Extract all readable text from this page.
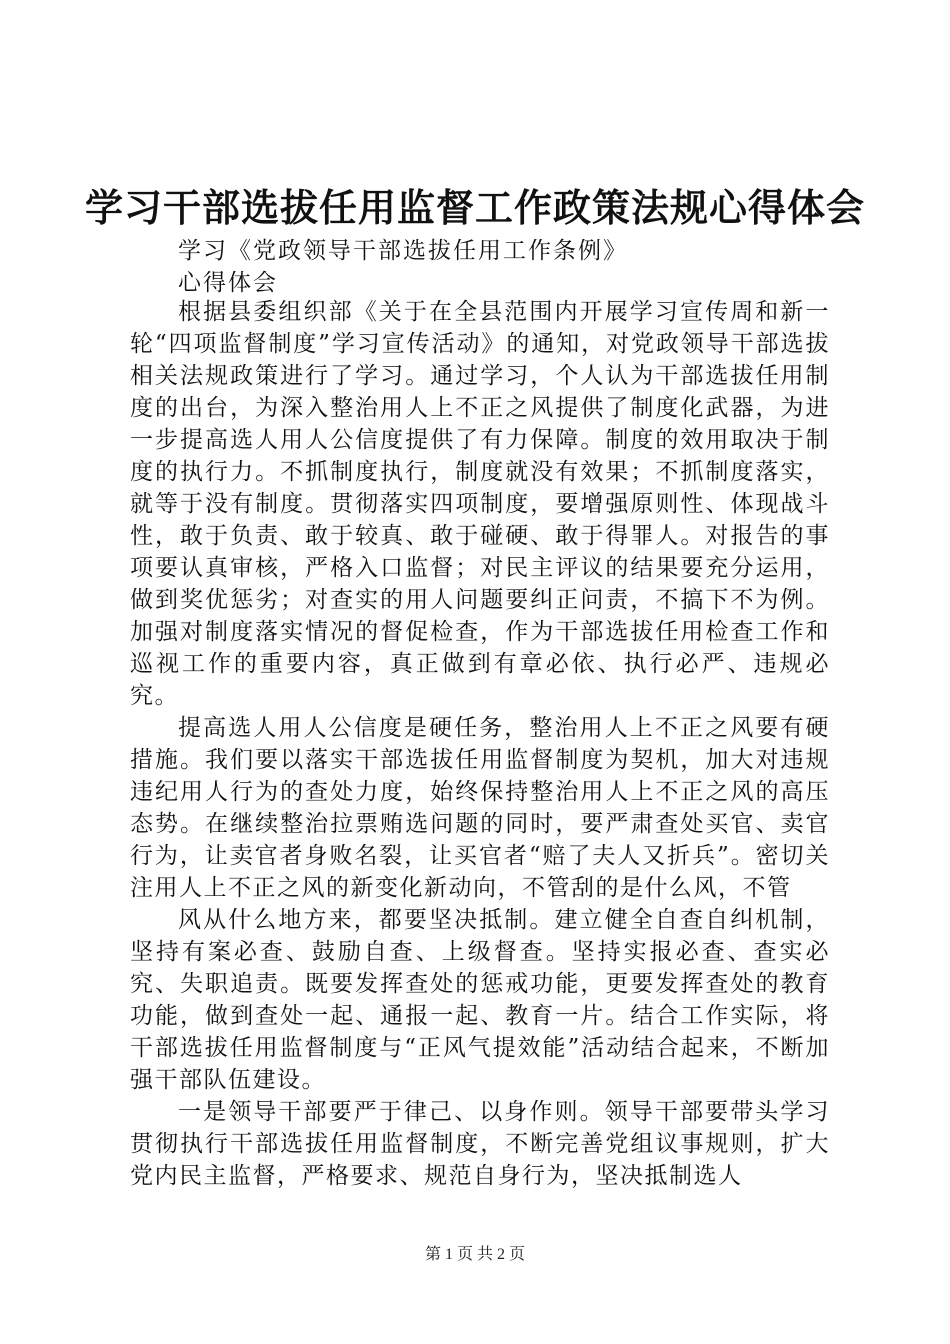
学习干部选拔任用监督工作政策法规心得体会
学习《党政领导干部选拔任用工作条例》
心得体会

根据县委组织部《关于在全县范围内开展学习宣传周和新一轮“四项监督制度”学习宣传活动》的通知，对党政领导干部选拔相关法规政策进行了学习。通过学习，个人认为干部选拔任用制度的出台，为深入整治用人上不正之风提供了制度化武器，为进一步提高选人用人公信度提供了有力保障。制度的效用取决于制度的执行力。不抓制度执行，制度就没有效果；不抓制度落实，就等于没有制度。贯彻落实四项制度，要增强原则性、体现战斗性，敢于负责、敢于较真、敢于碰硬、敢于得罪人。对报告的事项要认真审核，严格入口监督；对民主评议的结果要充分运用，做到奖优惩劣；对查实的用人问题要纠正问责，不搞下不为例。加强对制度落实情况的督促检查，作为干部选拔任用检查工作和巡视工作的重要内容，真正做到有章必依、执行必严、违规必究。

提高选人用人公信度是硬任务，整治用人上不正之风要有硬措施。我们要以落实干部选拔任用监督制度为契机，加大对违规违纪用人行为的查处力度，始终保持整治用人上不正之风的高压态势。在继续整治拉票贿选问题的同时，要严肃查处买官、卖官行为，让卖官者身败名裂，让买官者“赔了夫人又折兵”。密切关注用人上不正之风的新变化新动向，不管刮的是什么风，不管

风从什么地方来，都要坚决抵制。建立健全自查自纠机制，坚持有案必查、鼓励自查、上级督查。坚持实报必查、查实必究、失职追责。既要发挥查处的惩戒功能，更要发挥查处的教育功能，做到查处一起、通报一起、教育一片。结合工作实际，将干部选拔任用监督制度与“正风气提效能”活动结合起来，不断加强干部队伍建设。

一是领导干部要严于律己、以身作则。领导干部要带头学习贯彻执行干部选拔任用监督制度，不断完善党组议事规则，扩大党内民主监督，严格要求、规范自身行为，坚决抵制选人

第 1 页 共 2 页
